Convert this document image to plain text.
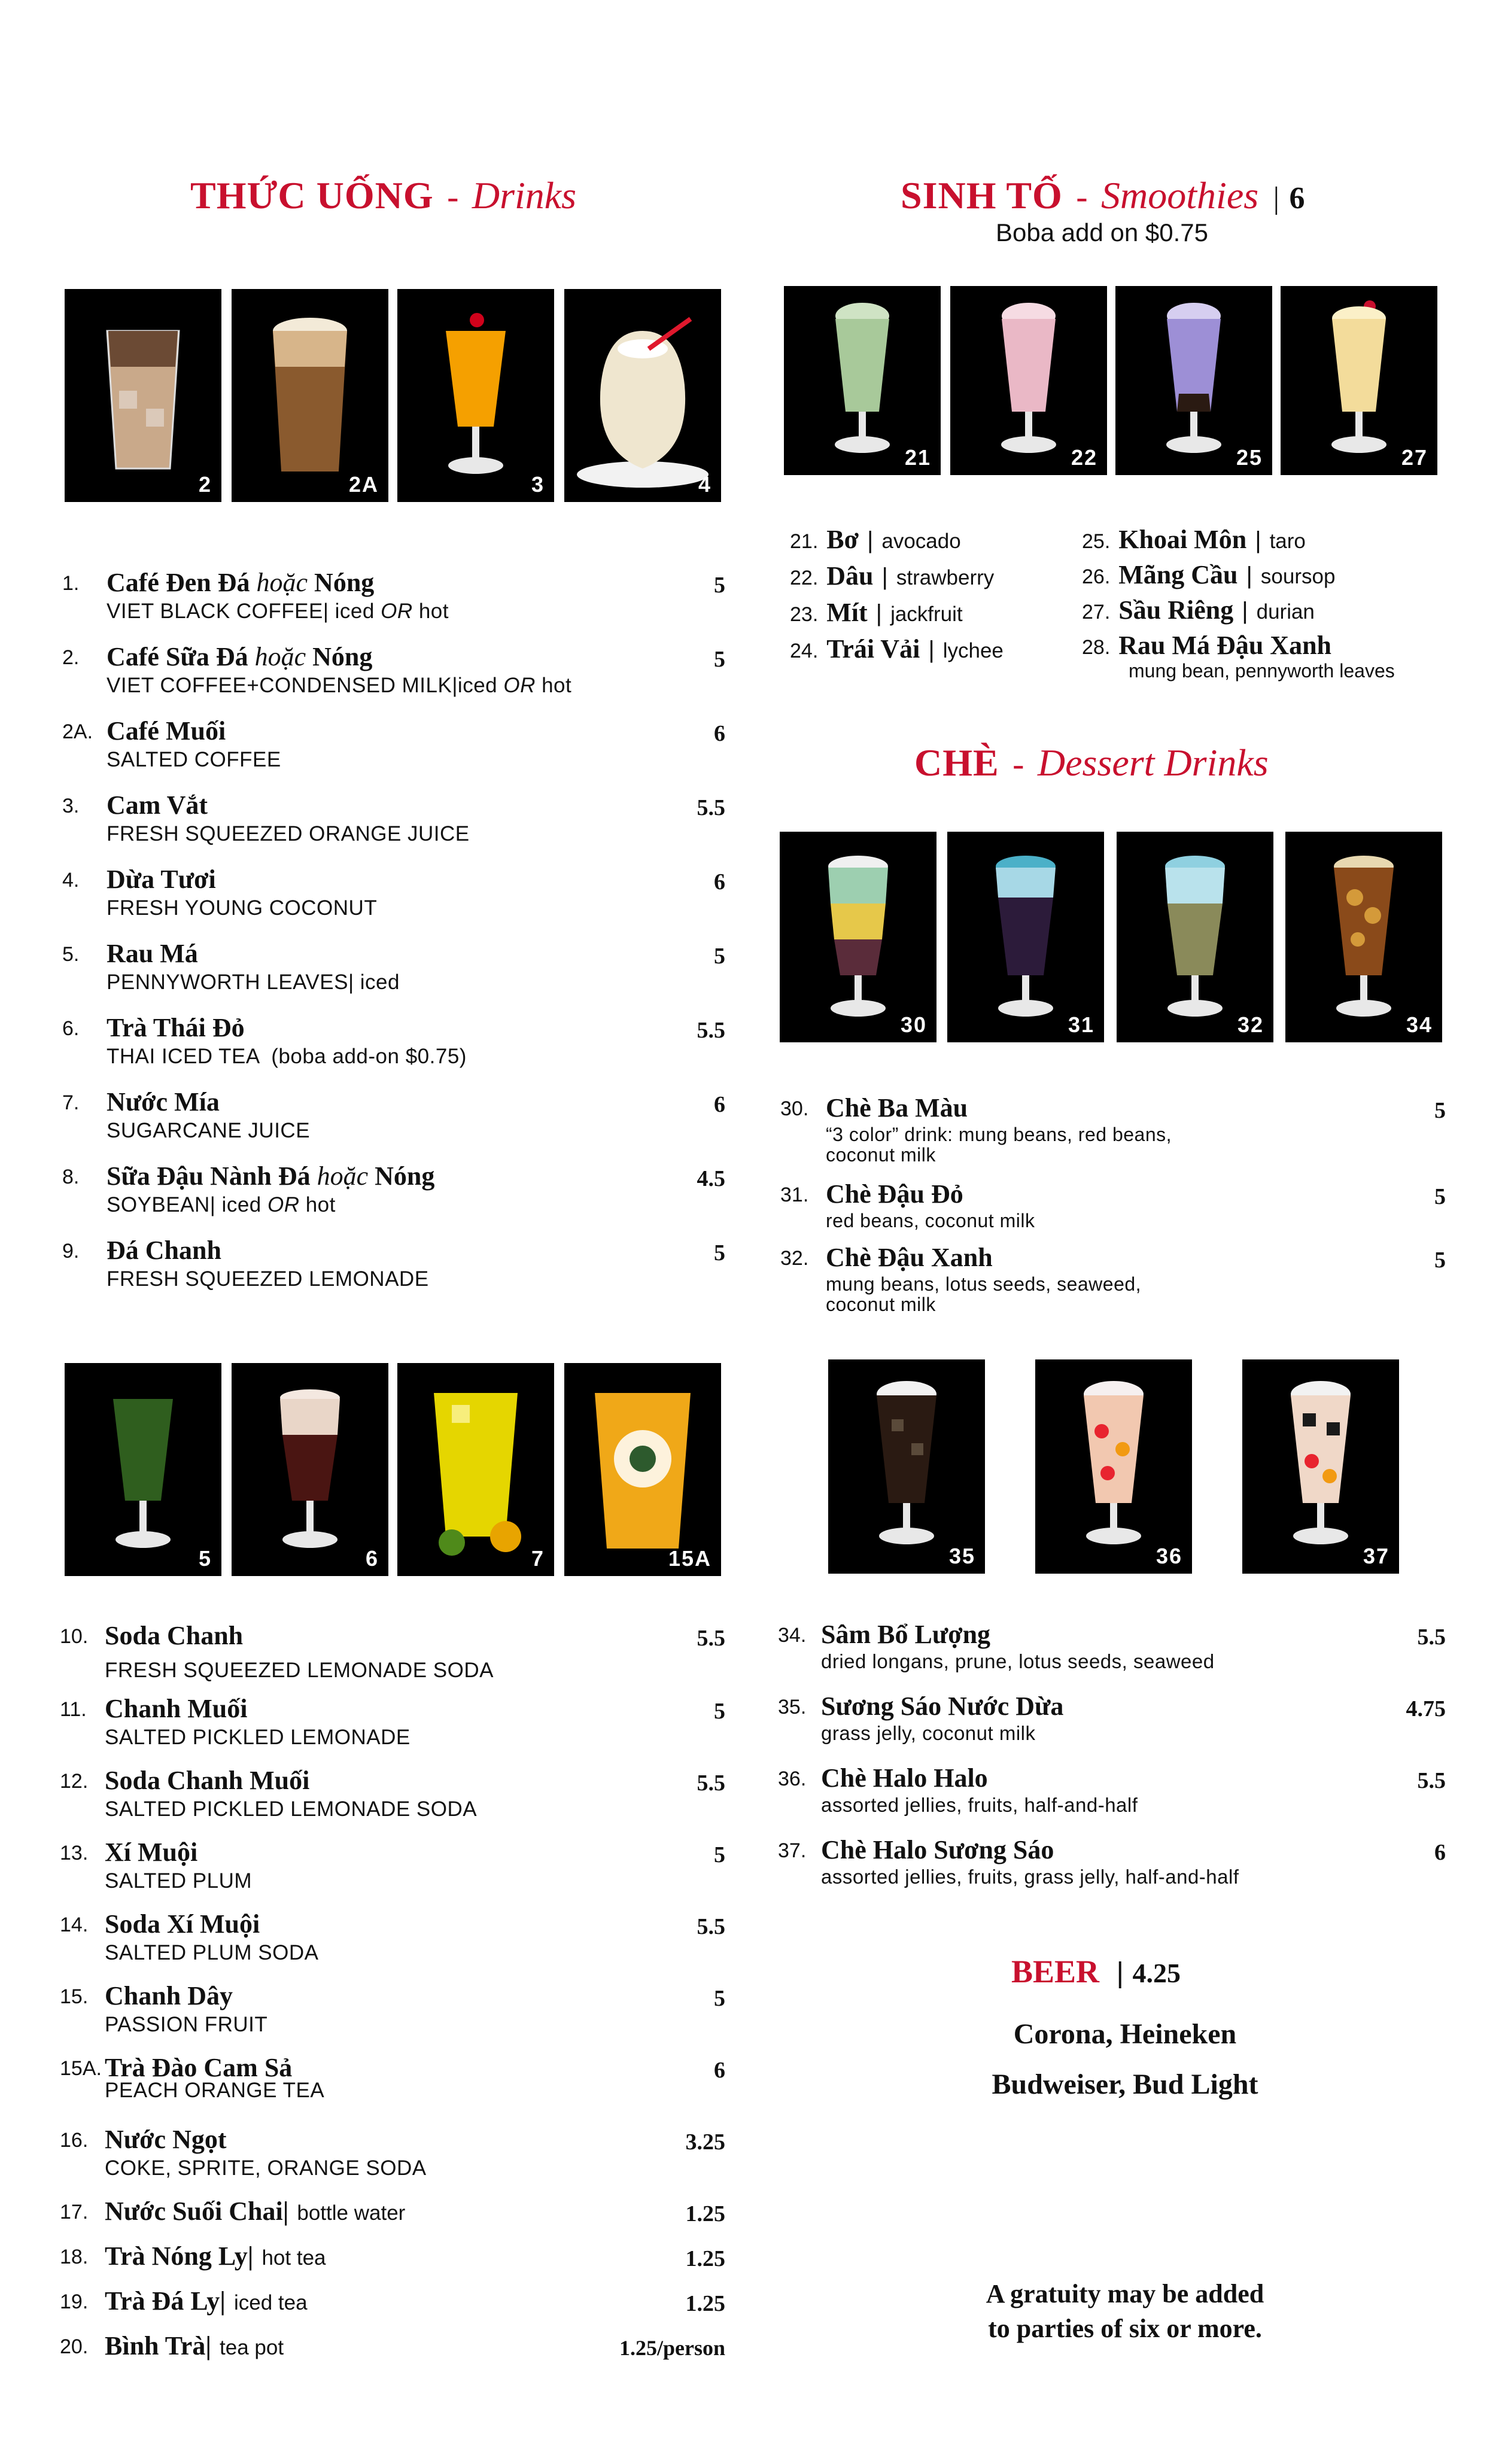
THỨC UỐNG - Drinks
2	2A	3	4
1. Café Đen Đá hoặc Nóng
VIET BLACK COFFEE| iced OR hot
5
2. Café Sữa Đá hoặc Nóng
VIET COFFEE+CONDENSED MILK|iced OR hot
5
2A. Café Muối
SALTED COFFEE
6
3. Cam Vắt
FRESH SQUEEZED ORANGE JUICE
5.5
4. Dừa Tươi
FRESH YOUNG COCONUT
6
5. Rau Má
PENNYWORTH LEAVES| iced
5
6. Trà Thái Đỏ
THAI ICED TEA  (boba add-on $0.75)
5.5
7. Nước Mía
SUGARCANE JUICE
6
8. Sữa Đậu Nành Đá hoặc Nóng
SOYBEAN| iced OR hot
4.5
9. Đá Chanh
FRESH SQUEEZED LEMONADE
5
5	6	7	15A
10. Soda Chanh
FRESH SQUEEZED LEMONADE SODA
5.5
11. Chanh Muối
SALTED PICKLED LEMONADE
5
12. Soda Chanh Muối
SALTED PICKLED LEMONADE SODA
5.5
13. Xí Muội
SALTED PLUM
5
14. Soda Xí Muội
SALTED PLUM SODA
5.5
15. Chanh Dây
PASSION FRUIT
5
15A. Trà Đào Cam Sả
PEACH ORANGE TEA
6
16. Nước Ngọt
COKE, SPRITE, ORANGE SODA
3.25
17. Nước Suối Chai| bottle water	1.25
18. Trà Nóng Ly| hot tea	1.25
19. Trà Đá Ly| iced tea	1.25
20. Bình Trà| tea pot	1.25/person
SINH TỐ - Smoothies | 6
Boba add on $0.75
21	22	25	27
21. Bơ | avocado
22. Dâu | strawberry
23. Mít | jackfruit
24. Trái Vải | lychee
25. Khoai Môn | taro
26. Mãng Cầu | soursop
27. Sầu Riêng | durian
28. Rau Má Đậu Xanh
mung bean, pennyworth leaves
CHÈ - Dessert Drinks
30	31	32	34
30. Chè Ba Màu
“3 color” drink: mung beans, red beans,
coconut milk
5
31. Chè Đậu Đỏ
red beans, coconut milk
5
32. Chè Đậu Xanh
mung beans, lotus seeds, seaweed,
coconut milk
5
35	36	37
34. Sâm Bổ Lượng
dried longans, prune, lotus seeds, seaweed
5.5
35. Sương Sáo Nước Dừa
grass jelly, coconut milk
4.75
36. Chè Halo Halo
assorted jellies, fruits, half-and-half
5.5
37. Chè Halo Sương Sáo
assorted jellies, fruits, grass jelly, half-and-half
6
BEER | 4.25
Corona, Heineken
Budweiser, Bud Light
A gratuity may be added
to parties of six or more.
